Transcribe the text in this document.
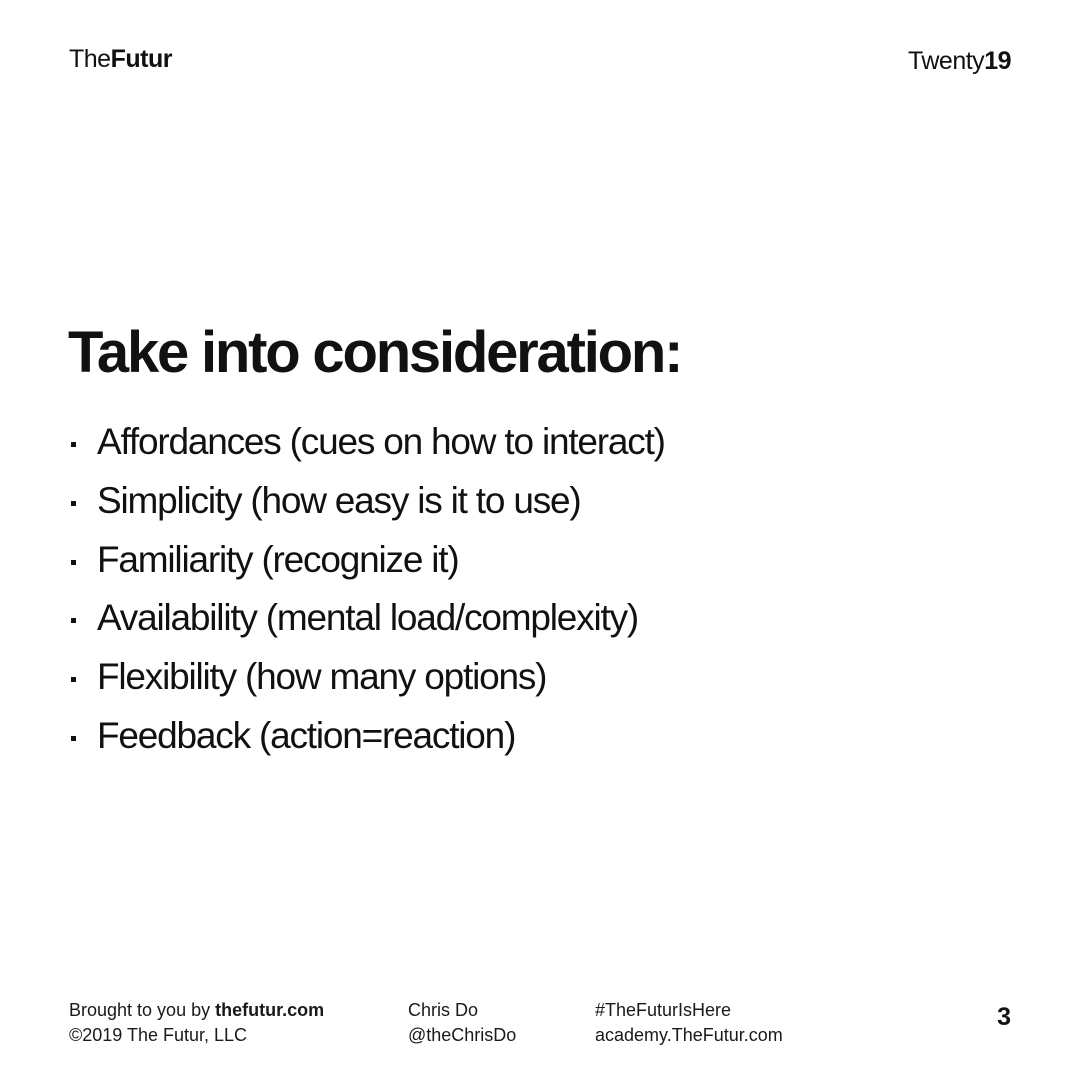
TheFutur	Twenty19
Take into consideration:
Affordances (cues on how to interact)
Simplicity (how easy is it to use)
Familiarity (recognize it)
Availability (mental load/complexity)
Flexibility (how many options)
Feedback (action=reaction)
Brought to you by thefutur.com
©2019 The Futur, LLC
Chris Do
@theChrisDo
#TheFuturIsHere
academy.TheFutur.com
3
